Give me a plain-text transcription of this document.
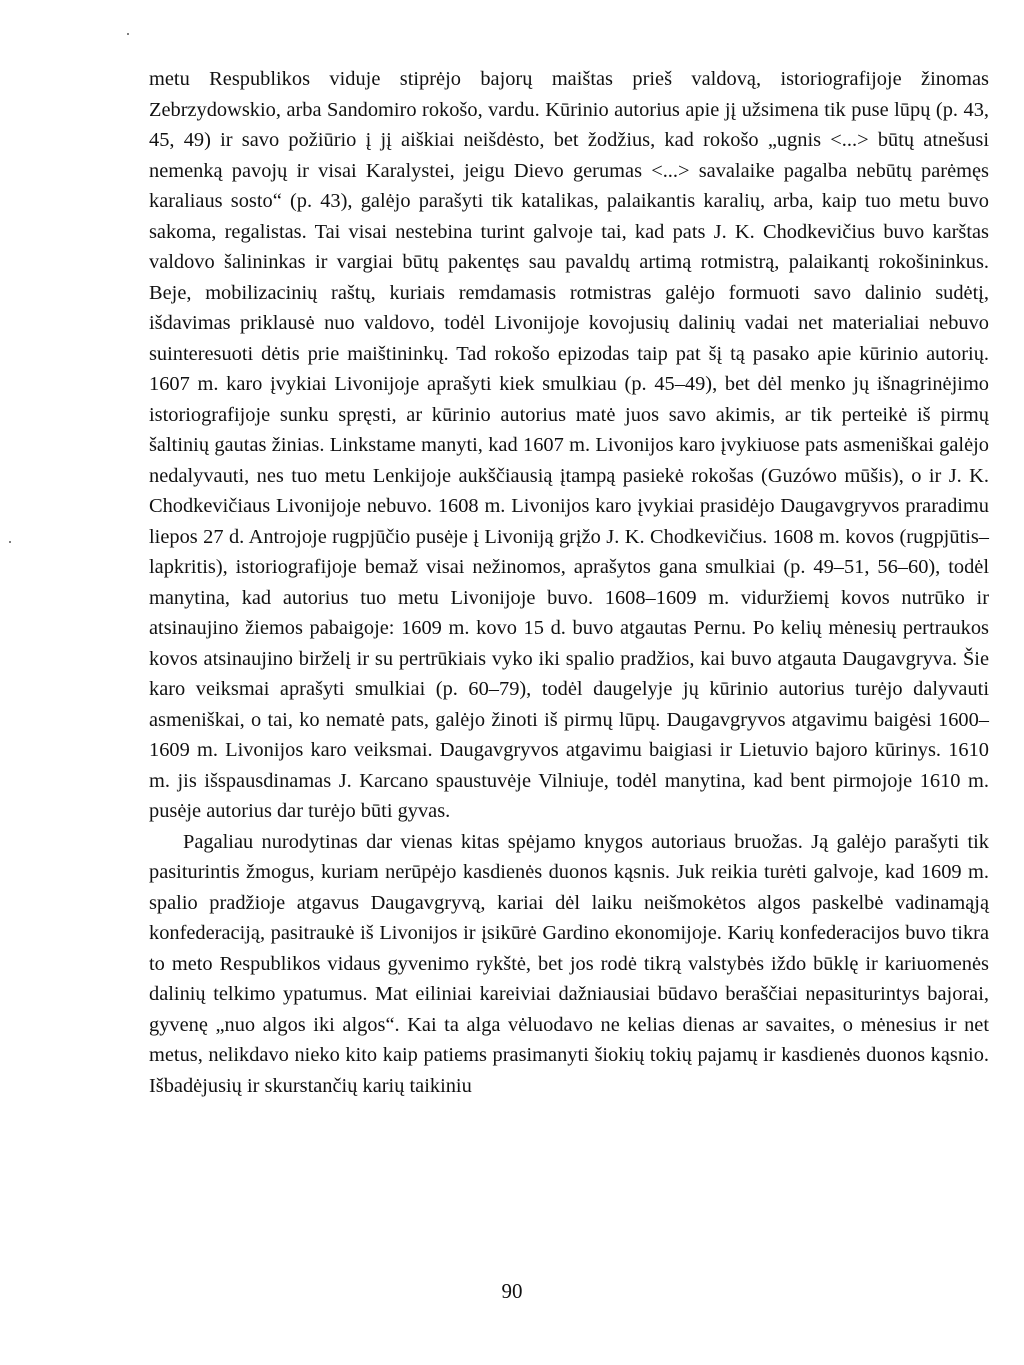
metu Respublikos viduje stiprėjo bajorų maištas prieš valdovą, istoriografijoje žinomas Zebrzydowskio, arba Sandomiro rokošo, vardu. Kūrinio autorius apie jį užsimena tik puse lūpų (p. 43, 45, 49) ir savo požiūrio į jį aiškiai neišdėsto, bet žodžius, kad rokošo „ugnis <...> būtų atnešusi nemenką pavojų ir visai Karalystei, jeigu Dievo gerumas <...> savalaike pagalba nebūtų parėmęs karaliaus sosto“ (p. 43), galėjo parašyti tik katalikas, palaikantis karalių, arba, kaip tuo metu buvo sakoma, regalistas. Tai visai nestebina turint galvoje tai, kad pats J. K. Chodkevičius buvo karštas valdovo šalininkas ir vargiai būtų pakentęs sau pavaldų artimą rotmistrą, palaikantį rokošininkus. Beje, mobilizacinių raštų, kuriais remdamasis rotmistras galėjo formuoti savo dalinio sudėtį, išdavimas priklausė nuo valdovo, todėl Livonijoje kovojusių dalinių vadai net materialiai nebuvo suinteresuoti dėtis prie maištininkų. Tad rokošo epizodas taip pat šį tą pasako apie kūrinio autorių. 1607 m. karo įvykiai Livonijoje aprašyti kiek smulkiau (p. 45–49), bet dėl menko jų išnagrinėjimo istoriografijoje sunku spręsti, ar kūrinio autorius matė juos savo akimis, ar tik perteikė iš pirmų šaltinių gautas žinias. Linkstame manyti, kad 1607 m. Livonijos karo įvykiuose pats asmeniškai galėjo nedalyvauti, nes tuo metu Lenkijoje aukščiausią įtampą pasiekė rokošas (Guzówo mūšis), o ir J. K. Chodkevičiaus Livonijoje nebuvo. 1608 m. Livonijos karo įvykiai prasidėjo Daugavgryvos praradimu liepos 27 d. Antrojoje rugpjūčio pusėje į Livoniją grįžo J. K. Chodkevičius. 1608 m. kovos (rugpjūtis–lapkritis), istoriografijoje bemaž visai nežinomos, aprašytos gana smulkiai (p. 49–51, 56–60), todėl manytina, kad autorius tuo metu Livonijoje buvo. 1608–1609 m. viduržiemį kovos nutrūko ir atsinaujino žiemos pabaigoje: 1609 m. kovo 15 d. buvo atgautas Pernu. Po kelių mėnesių pertraukos kovos atsinaujino birželį ir su pertrūkiais vyko iki spalio pradžios, kai buvo atgauta Daugavgryva. Šie karo veiksmai aprašyti smulkiai (p. 60–79), todėl daugelyje jų kūrinio autorius turėjo dalyvauti asmeniškai, o tai, ko nematė pats, galėjo žinoti iš pirmų lūpų. Daugavgryvos atgavimu baigėsi 1600–1609 m. Livonijos karo veiksmai. Daugavgryvos atgavimu baigiasi ir Lietuvio bajoro kūrinys. 1610 m. jis išspausdinamas J. Karcano spaustuvėje Vilniuje, todėl manytina, kad bent pirmojoje 1610 m. pusėje autorius dar turėjo būti gyvas.

Pagaliau nurodytinas dar vienas kitas spėjamo knygos autoriaus bruožas. Ją galėjo parašyti tik pasiturintis žmogus, kuriam nerūpėjo kasdienės duonos kąsnis. Juk reikia turėti galvoje, kad 1609 m. spalio pradžioje atgavus Daugavgryvą, kariai dėl laiku neišmokėtos algos paskelbė vadinamąją konfederaciją, pasitraukė iš Livonijos ir įsikūrė Gardino ekonomijoje. Karių konfederacijos buvo tikra to meto Respublikos vidaus gyvenimo rykštė, bet jos rodė tikrą valstybės iždo būklę ir kariuomenės dalinių telkimo ypatumus. Mat eiliniai kareiviai dažniausiai būdavo beraščiai nepasiturintys bajorai, gyvenę „nuo algos iki algos“. Kai ta alga vėluodavo ne kelias dienas ar savaites, o mėnesius ir net metus, nelikdavo nieko kito kaip patiems prasimanyti šiokių tokių pajamų ir kasdienės duonos kąsnio. Išbadėjusių ir skurstančių karių taikiniu

90
